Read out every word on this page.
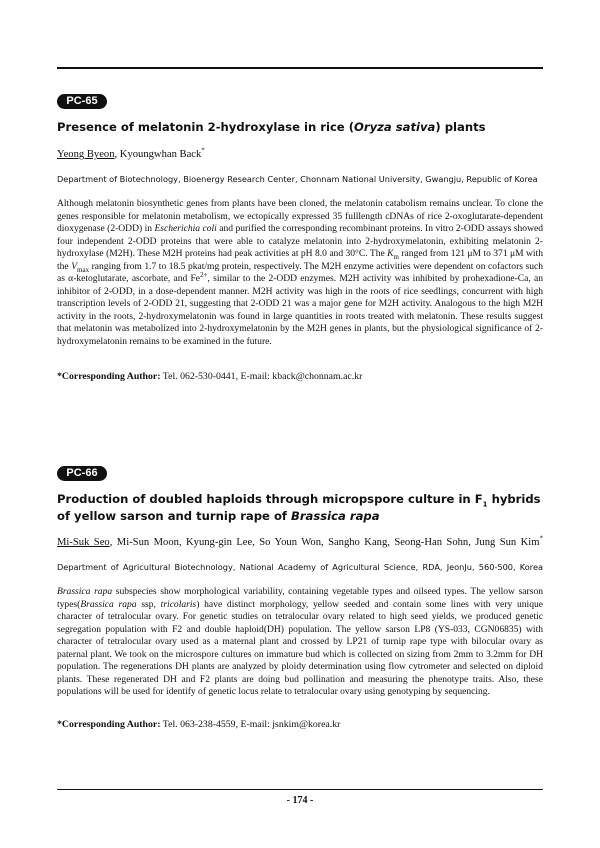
PC-65
Presence of melatonin 2-hydroxylase in rice (Oryza sativa) plants

Yeong Byeon, Kyoungwhan Back*

Department of Biotechnology, Bioenergy Research Center, Chonnam National University, Gwangju, Republic of Korea

Although melatonin biosynthetic genes from plants have been cloned, the melatonin catabolism remains unclear. To clone the genes responsible for melatonin metabolism, we ectopically expressed 35 fulllength cDNAs of rice 2-oxoglutarate-dependent dioxygenase (2-ODD) in Escherichia coli and purified the corresponding recombinant proteins. In vitro 2-ODD assays showed four independent 2-ODD proteins that were able to catalyze melatonin into 2-hydroxymelatonin, exhibiting melatonin 2-hydroxylase (M2H). These M2H proteins had peak activities at pH 8.0 and 30°C. The $K_m$ ranged from 121 μM to 371 μM with the $V_{max}$ ranging from 1.7 to 18.5 pkat/mg protein, respectively. The M2H enzyme activities were dependent on cofactors such as α-ketoglutarate, ascorbate, and $Fe^{2+}$, similar to the 2-ODD enzymes. M2H activity was inhibited by prohexadione-Ca, an inhibitor of 2-ODD, in a dose-dependent manner. M2H activity was high in the roots of rice seedlings, concurrent with high transcription levels of 2-ODD 21, suggesting that 2-ODD 21 was a major gene for M2H activity. Analogous to the high M2H activity in the roots, 2-hydroxymelatonin was found in large quantities in roots treated with melatonin. These results suggest that melatonin was metabolized into 2-hydroxymelatonin by the M2H genes in plants, but the physiological significance of 2-hydroxymelatonin remains to be examined in the future.

*Corresponding Author: Tel. 062-530-0441, E-mail: kback@chonnam.ac.kr

PC-66
Production of doubled haploids through micropspore culture in $F_1$ hybrids of yellow sarson and turnip rape of Brassica rapa

Mi-Suk Seo, Mi-Sun Moon, Kyung-gin Lee, So Youn Won, Sangho Kang, Seong-Han Sohn, Jung Sun Kim*

Department of Agricultural Biotechnology, National Academy of Agricultural Science, RDA, JeonJu, 560-500, Korea

Brassica rapa subspecies show morphological variability, containing vegetable types and oilseed types. The yellow sarson types(Brassica rapa ssp, tricolaris) have distinct morphology, yellow seeded and contain some lines with very unique character of tetralocular ovary. For genetic studies on tetralocular ovary related to high seed yields, we produced genetic segregation population with F2 and double haploid(DH) population. The yellow sarson LP8 (YS-033, CGN06835) with character of tetralocular ovary used as a maternal plant and crossed by LP21 of turnip rape type with bilocular ovary as paternal plant. We took on the microspore cultures on immature bud which is collected on sizing from 2mm to 3.2mm for DH population. The regenerations DH plants are analyzed by ploidy determination using flow cytrometer and selected on diploid plants. These regenerated DH and F2 plants are doing bud pollination and measuring the phenotype traits. Also, these populations will be used for identify of genetic locus relate to tetralocular ovary using genotyping by sequencing.

*Corresponding Author: Tel. 063-238-4559, E-mail: jsnkim@korea.kr

- 174 -
